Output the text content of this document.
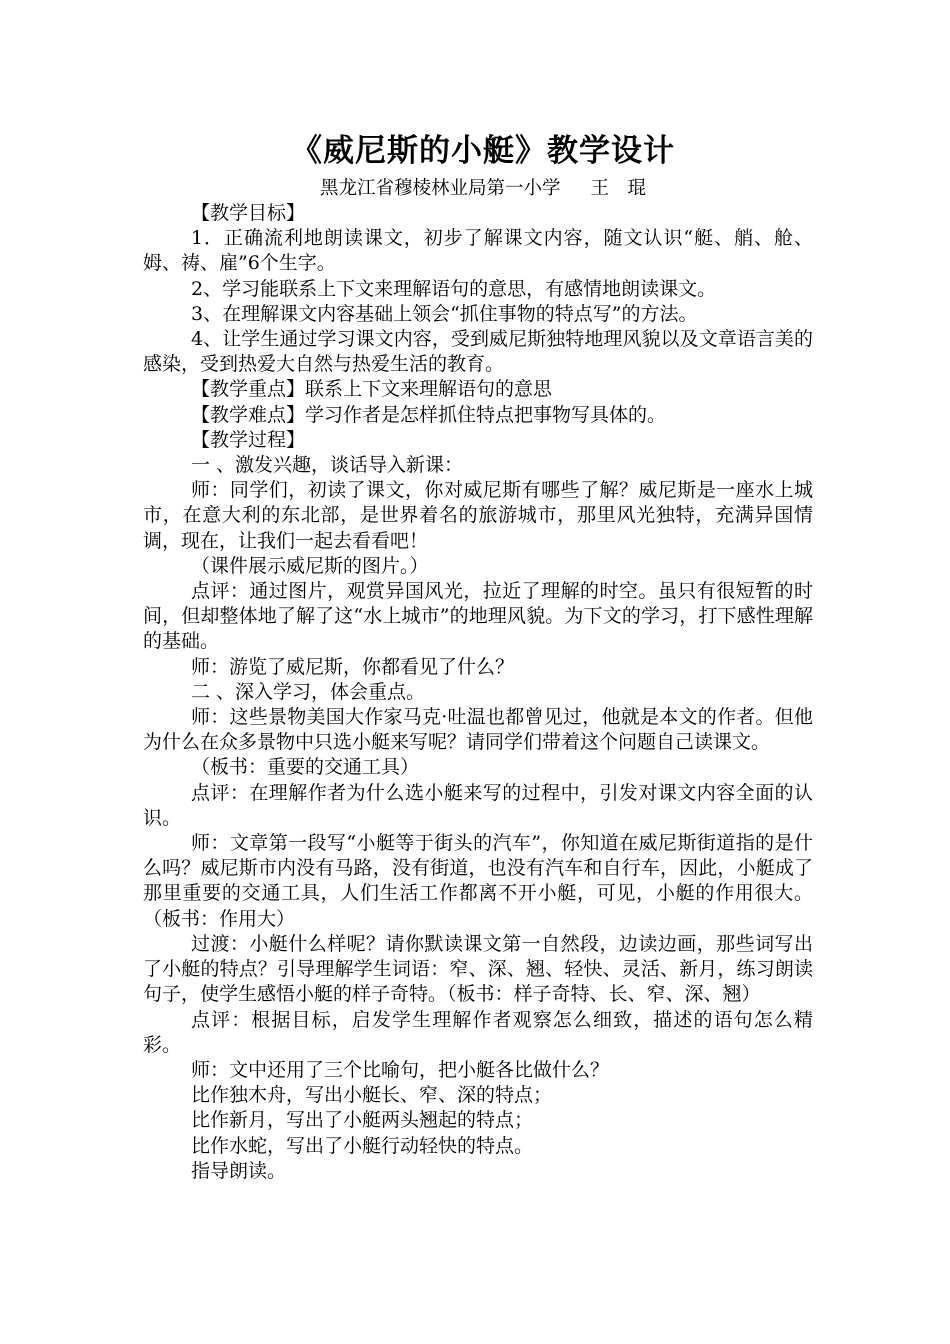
《威尼斯的小艇》教学设计

黑龙江省穆棱林业局第一小学 王　琨

【教学目标】

1．正确流利地朗读课文，初步了解课文内容，随文认识“艇、艄、舱、姆、祷、雇”6个生字。

2、学习能联系上下文来理解语句的意思，有感情地朗读课文。

3、在理解课文内容基础上领会“抓住事物的特点写”的方法。

4、让学生通过学习课文内容，受到威尼斯独特地理风貌以及文章语言美的感染，受到热爱大自然与热爱生活的教育。

【教学重点】联系上下文来理解语句的意思

【教学难点】学习作者是怎样抓住特点把事物写具体的。

【教学过程】

一 、激发兴趣，谈话导入新课：

师：同学们，初读了课文，你对威尼斯有哪些了解？威尼斯是一座水上城市，在意大利的东北部，是世界着名的旅游城市，那里风光独特，充满异国情调，现在，让我们一起去看看吧！

（课件展示威尼斯的图片。）

点评：通过图片，观赏异国风光，拉近了理解的时空。虽只有很短暂的时间，但却整体地了解了这“水上城市”的地理风貌。为下文的学习，打下感性理解的基础。

师：游览了威尼斯，你都看见了什么？

二 、深入学习，体会重点。

师：这些景物美国大作家马克·吐温也都曾见过，他就是本文的作者。但他为什么在众多景物中只选小艇来写呢？请同学们带着这个问题自己读课文。

（板书：重要的交通工具）

点评：在理解作者为什么选小艇来写的过程中，引发对课文内容全面的认识。

师：文章第一段写“小艇等于街头的汽车”，你知道在威尼斯街道指的是什么吗？威尼斯市内没有马路，没有街道，也没有汽车和自行车，因此，小艇成了那里重要的交通工具，人们生活工作都离不开小艇，可见，小艇的作用很大。（板书：作用大）

过渡：小艇什么样呢？请你默读课文第一自然段，边读边画，那些词写出了小艇的特点？引导理解学生词语：窄、深、翘、轻快、灵活、新月，练习朗读句子，使学生感悟小艇的样子奇特。（板书：样子奇特、长、窄、深、翘）

点评：根据目标，启发学生理解作者观察怎么细致，描述的语句怎么精彩。

师：文中还用了三个比喻句，把小艇各比做什么？

比作独木舟，写出小艇长、窄、深的特点；

比作新月，写出了小艇两头翘起的特点；

比作水蛇，写出了小艇行动轻快的特点。

指导朗读。
